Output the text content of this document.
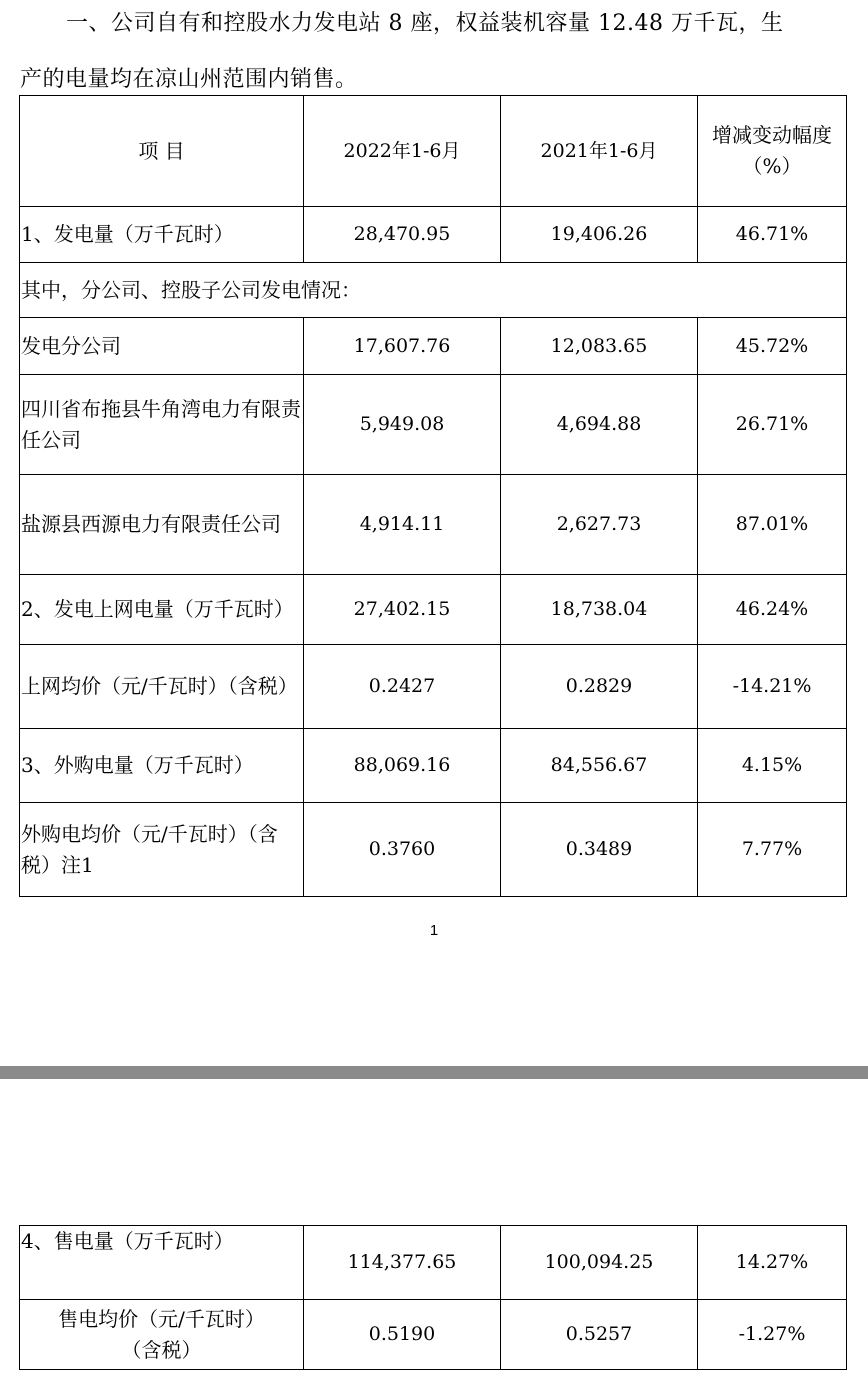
一、公司自有和控股水力发电站 8 座，权益装机容量 12.48 万千瓦，生
产的电量均在凉山州范围内销售。
项 目	2022年1-6月	2021年1-6月	增减变动幅度
（%）

1、发电量（万千瓦时）	28,470.95	19,406.26	46.71%
其中，分公司、控股子公司发电情况：			
发电分公司	17,607.76	12,083.65	45.72%
四川省布拖县牛角湾电力有限责任公司	5,949.08	4,694.88	26.71%
盐源县西源电力有限责任公司	4,914.11	2,627.73	87.01%
2、发电上网电量（万千瓦时）	27,402.15	18,738.04	46.24%
上网均价（元/千瓦时）（含税）	0.2427	0.2829	-14.21%
3、外购电量（万千瓦时）	88,069.16	84,556.67	4.15%
外购电均价（元/千瓦时）（含税）注1	0.3760	0.3489	7.77%
1
4、售电量（万千瓦时）	114,377.65	100,094.25	14.27%

售电均价（元/千瓦时）
（含税）	0.5190	0.5257	-1.27%
